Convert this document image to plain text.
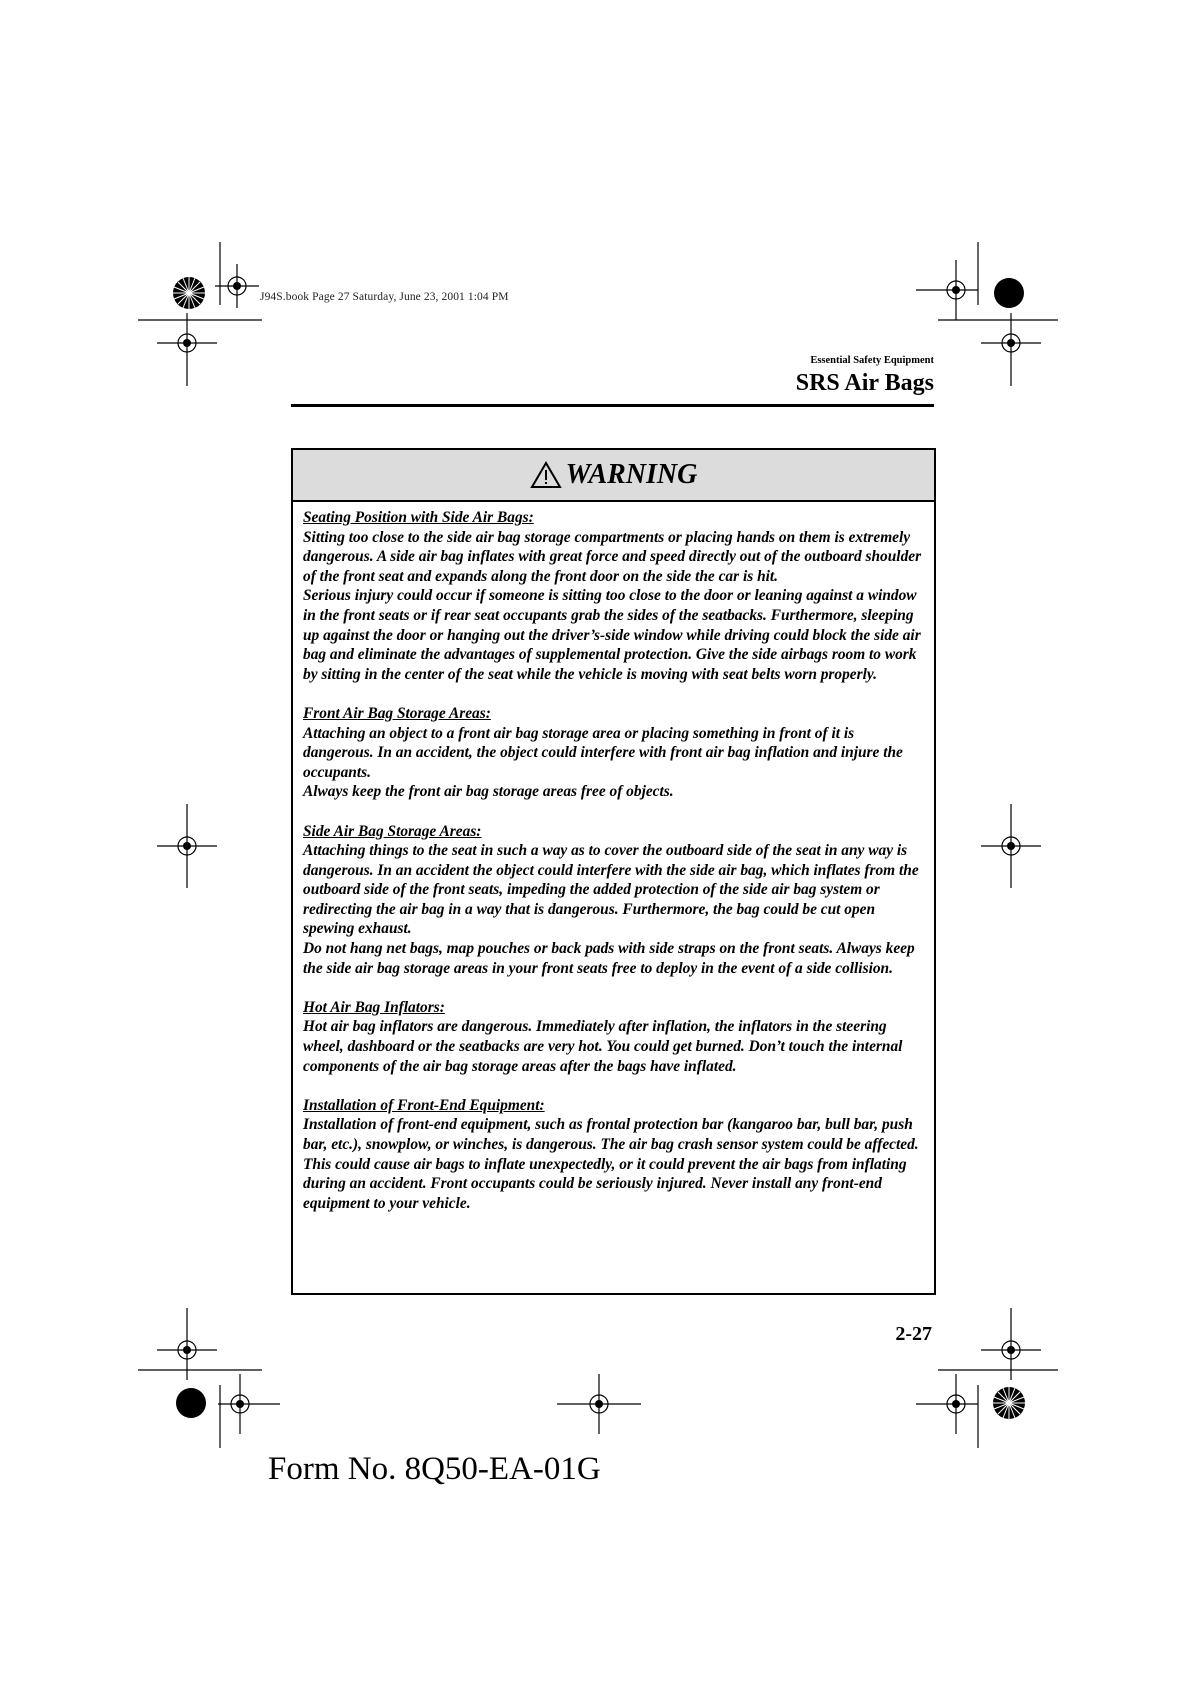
J94S.book Page 27 Saturday, June 23, 2001 1:04 PM
Essential Safety Equipment
SRS Air Bags
WARNING
Seating Position with Side Air Bags:

Sitting too close to the side air bag storage compartments or placing hands on them is extremely dangerous. A side air bag inflates with great force and speed directly out of the outboard shoulder of the front seat and expands along the front door on the side the car is hit.

Serious injury could occur if someone is sitting too close to the door or leaning against a window in the front seats or if rear seat occupants grab the sides of the seatbacks. Furthermore, sleeping up against the door or hanging out the driver’s-side window while driving could block the side air bag and eliminate the advantages of supplemental protection. Give the side airbags room to work by sitting in the center of the seat while the vehicle is moving with seat belts worn properly.

Front Air Bag Storage Areas:

Attaching an object to a front air bag storage area or placing something in front of it is dangerous. In an accident, the object could interfere with front air bag inflation and injure the occupants.

Always keep the front air bag storage areas free of objects.

Side Air Bag Storage Areas:

Attaching things to the seat in such a way as to cover the outboard side of the seat in any way is dangerous. In an accident the object could interfere with the side air bag, which inflates from the outboard side of the front seats, impeding the added protection of the side air bag system or redirecting the air bag in a way that is dangerous. Furthermore, the bag could be cut open spewing exhaust.

Do not hang net bags, map pouches or back pads with side straps on the front seats. Always keep the side air bag storage areas in your front seats free to deploy in the event of a side collision.

Hot Air Bag Inflators:

Hot air bag inflators are dangerous. Immediately after inflation, the inflators in the steering wheel, dashboard or the seatbacks are very hot. You could get burned. Don’t touch the internal components of the air bag storage areas after the bags have inflated.

Installation of Front-End Equipment:

Installation of front-end equipment, such as frontal protection bar (kangaroo bar, bull bar, push bar, etc.), snowplow, or winches, is dangerous. The air bag crash sensor system could be affected. This could cause air bags to inflate unexpectedly, or it could prevent the air bags from inflating during an accident. Front occupants could be seriously injured. Never install any front-end equipment to your vehicle.

2-27
Form No. 8Q50-EA-01G
